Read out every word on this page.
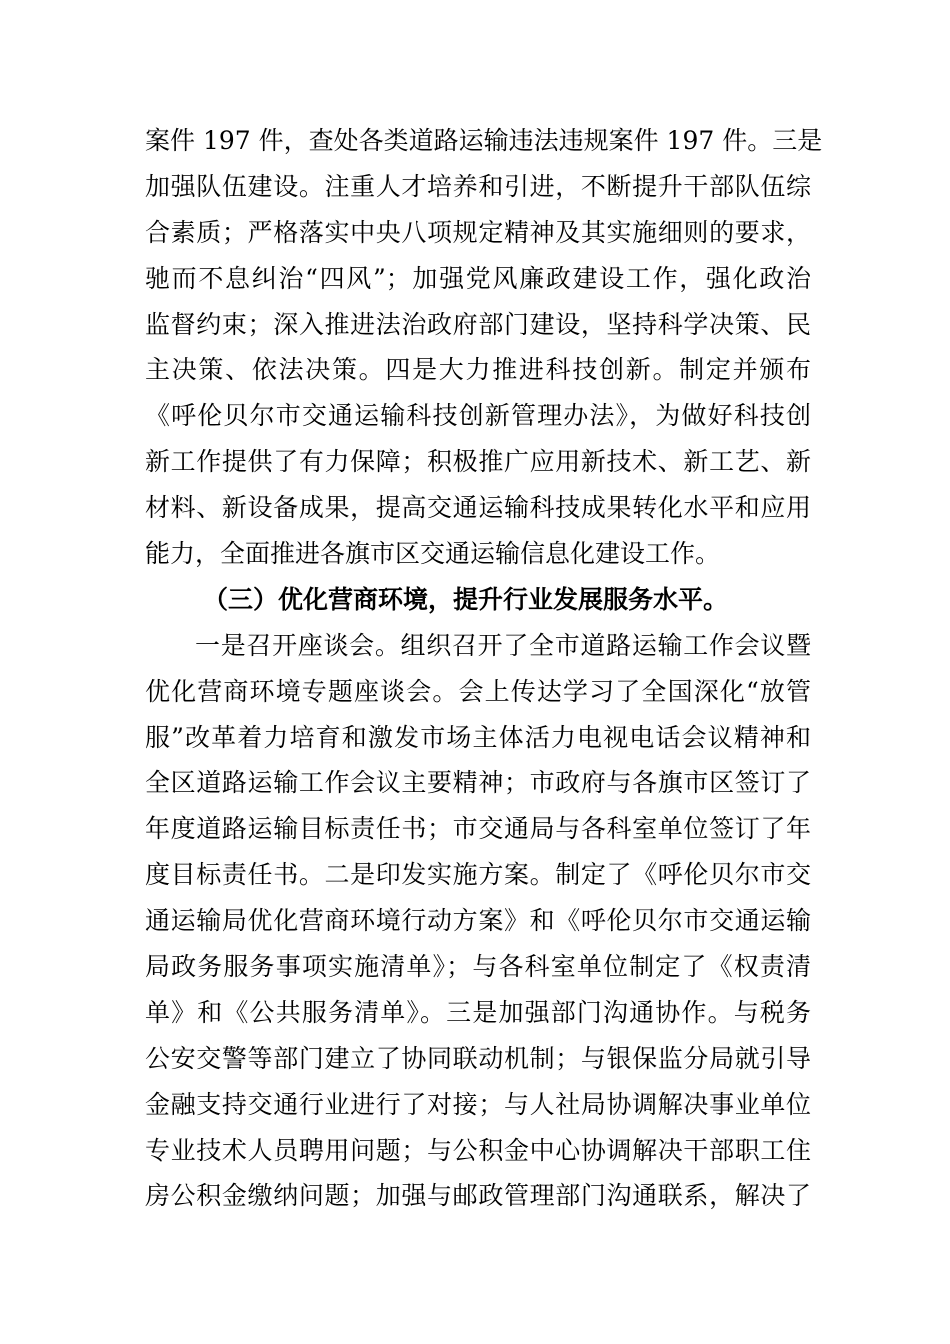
案件 197 件，查处各类道路运输违法违规案件 197 件。三是
加强队伍建设。注重人才培养和引进，不断提升干部队伍综
合素质；严格落实中央八项规定精神及其实施细则的要求，
驰而不息纠治“四风”；加强党风廉政建设工作，强化政治
监督约束；深入推进法治政府部门建设，坚持科学决策、民
主决策、依法决策。四是大力推进科技创新。制定并颁布
《呼伦贝尔市交通运输科技创新管理办法》，为做好科技创
新工作提供了有力保障；积极推广应用新技术、新工艺、新
材料、新设备成果，提高交通运输科技成果转化水平和应用
能力，全面推进各旗市区交通运输信息化建设工作。
（三）优化营商环境，提升行业发展服务水平。
一是召开座谈会。组织召开了全市道路运输工作会议暨
优化营商环境专题座谈会。会上传达学习了全国深化“放管
服”改革着力培育和激发市场主体活力电视电话会议精神和
全区道路运输工作会议主要精神；市政府与各旗市区签订了
年度道路运输目标责任书；市交通局与各科室单位签订了年
度目标责任书。二是印发实施方案。制定了《呼伦贝尔市交
通运输局优化营商环境行动方案》和《呼伦贝尔市交通运输
局政务服务事项实施清单》；与各科室单位制定了《权责清
单》和《公共服务清单》。三是加强部门沟通协作。与税务
公安交警等部门建立了协同联动机制；与银保监分局就引导
金融支持交通行业进行了对接；与人社局协调解决事业单位
专业技术人员聘用问题；与公积金中心协调解决干部职工住
房公积金缴纳问题；加强与邮政管理部门沟通联系，解决了
